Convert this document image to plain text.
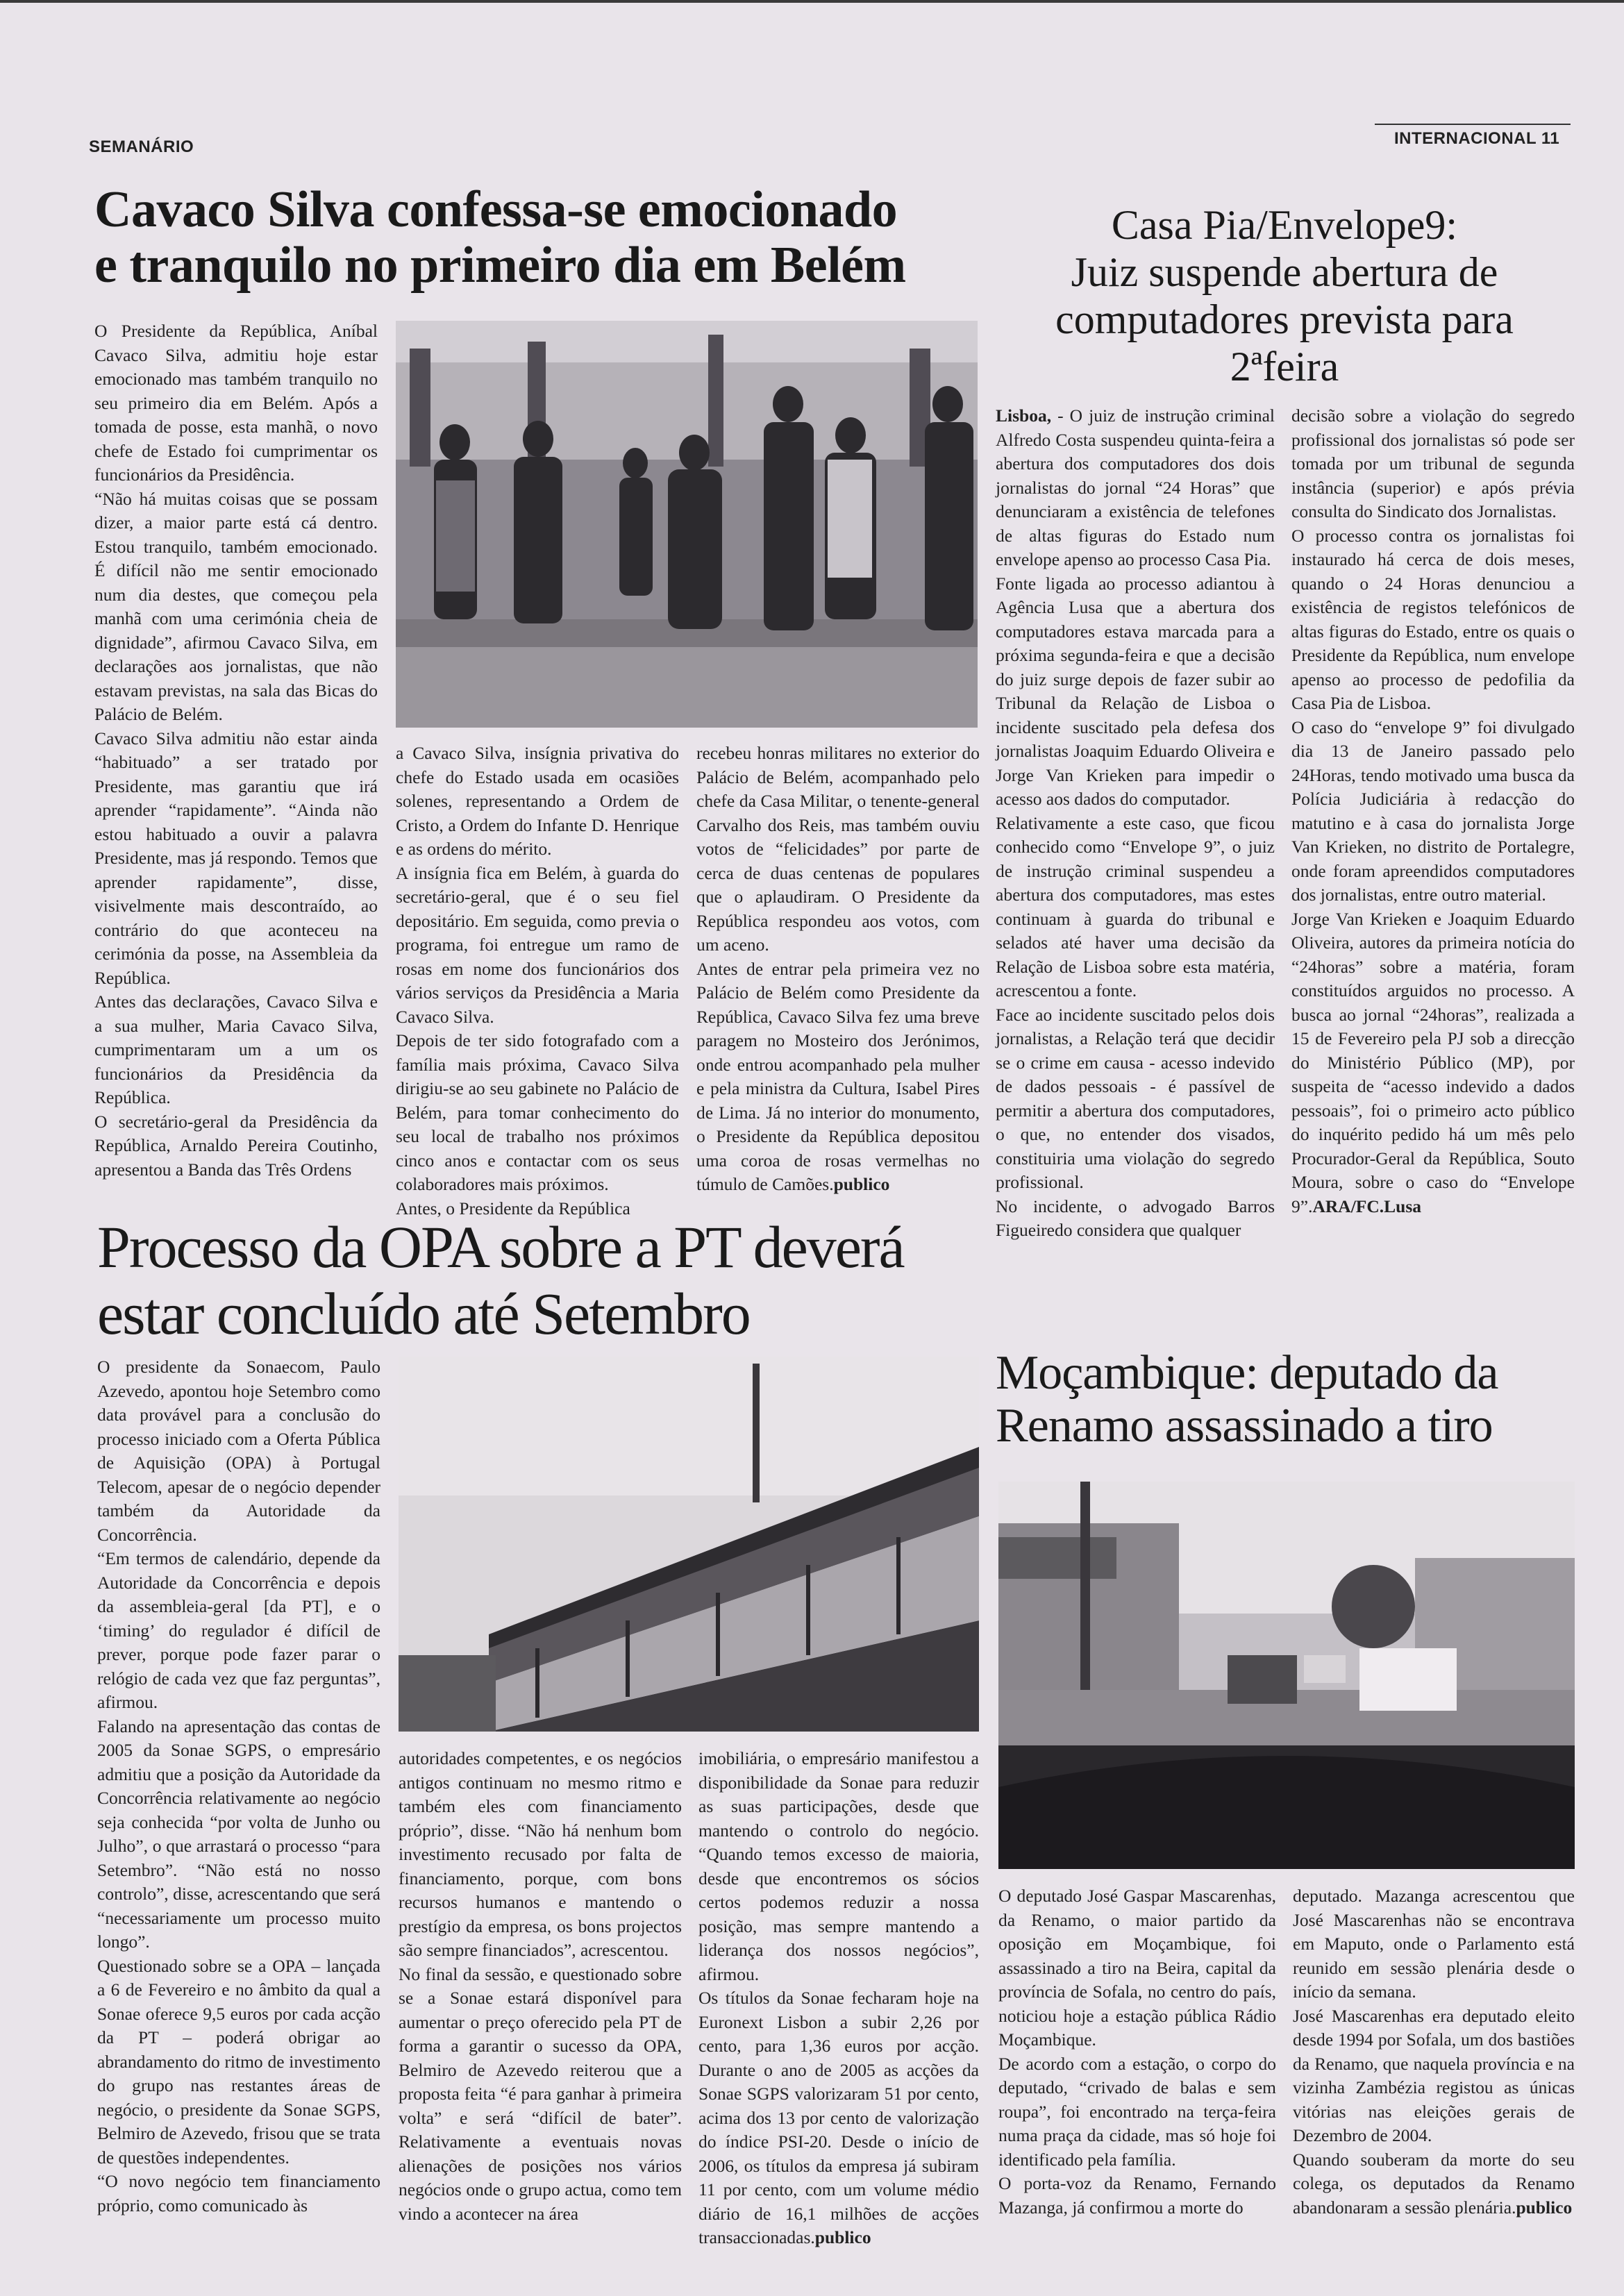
SEMANÁRIO	INTERNACIONAL 11
Cavaco Silva confessa-se emocionado
e tranquilo no primeiro dia em Belém

O Presidente da República, Aníbal Cavaco Silva, admitiu hoje estar emocionado mas também tranquilo no seu primeiro dia em Belém. Após a tomada de posse, esta manhã, o novo chefe de Estado foi cumprimentar os funcionários da Presidência.

“Não há muitas coisas que se possam dizer, a maior parte está cá dentro. Estou tranquilo, também emocionado. É difícil não me sentir emocionado num dia destes, que começou pela manhã com uma cerimónia cheia de dignidade”, afirmou Cavaco Silva, em declarações aos jornalistas, que não estavam previstas, na sala das Bicas do Palácio de Belém.

Cavaco Silva admitiu não estar ainda “habituado” a ser tratado por Presidente, mas garantiu que irá aprender “rapidamente”. “Ainda não estou habituado a ouvir a palavra Presidente, mas já respondo. Temos que aprender rapidamente”, disse, visivelmente mais descontraído, ao contrário do que aconteceu na cerimónia da posse, na Assembleia da República.

Antes das declarações, Cavaco Silva e a sua mulher, Maria Cavaco Silva, cumprimentaram um a um os funcionários da Presidência da República.

O secretário-geral da Presidência da República, Arnaldo Pereira Coutinho, apresentou a Banda das Três Ordens

a Cavaco Silva, insígnia privativa do chefe do Estado usada em ocasiões solenes, representando a Ordem de Cristo, a Ordem do Infante D. Henrique e as ordens do mérito.

A insígnia fica em Belém, à guarda do secretário-geral, que é o seu fiel depositário. Em seguida, como previa o programa, foi entregue um ramo de rosas em nome dos funcionários dos vários serviços da Presidência a Maria Cavaco Silva.

Depois de ter sido fotografado com a família mais próxima, Cavaco Silva dirigiu-se ao seu gabinete no Palácio de Belém, para tomar conhecimento do seu local de trabalho nos próximos cinco anos e contactar com os seus colaboradores mais próximos.

Antes, o Presidente da República

recebeu honras militares no exterior do Palácio de Belém, acompanhado pelo chefe da Casa Militar, o tenente-general Carvalho dos Reis, mas também ouviu votos de “felicidades” por parte de cerca de duas centenas de populares que o aplaudiram. O Presidente da República respondeu aos votos, com um aceno.

Antes de entrar pela primeira vez no Palácio de Belém como Presidente da República, Cavaco Silva fez uma breve paragem no Mosteiro dos Jerónimos, onde entrou acompanhado pela mulher e pela ministra da Cultura, Isabel Pires de Lima. Já no interior do monumento, o Presidente da República depositou uma coroa de rosas vermelhas no túmulo de Camões.publico

Casa Pia/Envelope9:
Juiz suspende abertura de
computadores prevista para
2ªfeira

Lisboa, - O juiz de instrução criminal Alfredo Costa suspendeu quinta-feira a abertura dos computadores dos dois jornalistas do jornal “24 Horas” que denunciaram a existência de telefones de altas figuras do Estado num envelope apenso ao processo Casa Pia.

Fonte ligada ao processo adiantou à Agência Lusa que a abertura dos computadores estava marcada para a próxima segunda-feira e que a decisão do juiz surge depois de fazer subir ao Tribunal da Relação de Lisboa o incidente suscitado pela defesa dos jornalistas Joaquim Eduardo Oliveira e Jorge Van Krieken para impedir o acesso aos dados do computador.

Relativamente a este caso, que ficou conhecido como “Envelope 9”, o juiz de instrução criminal suspendeu a abertura dos computadores, mas estes continuam à guarda do tribunal e selados até haver uma decisão da Relação de Lisboa sobre esta matéria, acrescentou a fonte.

Face ao incidente suscitado pelos dois jornalistas, a Relação terá que decidir se o crime em causa - acesso indevido de dados pessoais - é passível de permitir a abertura dos computadores, o que, no entender dos visados, constituiria uma violação do segredo profissional.

No incidente, o advogado Barros Figueiredo considera que qualquer

decisão sobre a violação do segredo profissional dos jornalistas só pode ser tomada por um tribunal de segunda instância (superior) e após prévia consulta do Sindicato dos Jornalistas.

O processo contra os jornalistas foi instaurado há cerca de dois meses, quando o 24 Horas denunciou a existência de registos telefónicos de altas figuras do Estado, entre os quais o Presidente da República, num envelope apenso ao processo de pedofilia da Casa Pia de Lisboa.

O caso do “envelope 9” foi divulgado dia 13 de Janeiro passado pelo 24Horas, tendo motivado uma busca da Polícia Judiciária à redacção do matutino e à casa do jornalista Jorge Van Krieken, no distrito de Portalegre, onde foram apreendidos computadores dos jornalistas, entre outro material.

Jorge Van Krieken e Joaquim Eduardo Oliveira, autores da primeira notícia do “24horas” sobre a matéria, foram constituídos arguidos no processo. A busca ao jornal “24horas”, realizada a 15 de Fevereiro pela PJ sob a direcção do Ministério Público (MP), por suspeita de “acesso indevido a dados pessoais”, foi o primeiro acto público do inquérito pedido há um mês pelo Procurador-Geral da República, Souto Moura, sobre o caso do “Envelope 9”.ARA/FC.Lusa

Processo da OPA sobre a PT deverá
estar concluído até Setembro

O presidente da Sonaecom, Paulo Azevedo, apontou hoje Setembro como data provável para a conclusão do processo iniciado com a Oferta Pública de Aquisição (OPA) à Portugal Telecom, apesar de o negócio depender também da Autoridade da Concorrência.

“Em termos de calendário, depende da Autoridade da Concorrência e depois da assembleia-geral [da PT], e o ‘timing’ do regulador é difícil de prever, porque pode fazer parar o relógio de cada vez que faz perguntas”, afirmou.

Falando na apresentação das contas de 2005 da Sonae SGPS, o empresário admitiu que a posição da Autoridade da Concorrência relativamente ao negócio seja conhecida “por volta de Junho ou Julho”, o que arrastará o processo “para Setembro”. “Não está no nosso controlo”, disse, acrescentando que será “necessariamente um processo muito longo”.

Questionado sobre se a OPA – lançada a 6 de Fevereiro e no âmbito da qual a Sonae oferece 9,5 euros por cada acção da PT – poderá obrigar ao abrandamento do ritmo de investimento do grupo nas restantes áreas de negócio, o presidente da Sonae SGPS, Belmiro de Azevedo, frisou que se trata de questões independentes.

“O novo negócio tem financiamento próprio, como comunicado às

autoridades competentes, e os negócios antigos continuam no mesmo ritmo e também eles com financiamento próprio”, disse. “Não há nenhum bom investimento recusado por falta de financiamento, porque, com bons recursos humanos e mantendo o prestígio da empresa, os bons projectos são sempre financiados”, acrescentou.

No final da sessão, e questionado sobre se a Sonae estará disponível para aumentar o preço oferecido pela PT de forma a garantir o sucesso da OPA, Belmiro de Azevedo reiterou que a proposta feita “é para ganhar à primeira volta” e será “difícil de bater”. Relativamente a eventuais novas alienações de posições nos vários negócios onde o grupo actua, como tem vindo a acontecer na área

imobiliária, o empresário manifestou a disponibilidade da Sonae para reduzir as suas participações, desde que mantendo o controlo do negócio. “Quando temos excesso de maioria, desde que encontremos os sócios certos podemos reduzir a nossa posição, mas sempre mantendo a liderança dos nossos negócios”, afirmou.

Os títulos da Sonae fecharam hoje na Euronext Lisbon a subir 2,26 por cento, para 1,36 euros por acção. Durante o ano de 2005 as acções da Sonae SGPS valorizaram 51 por cento, acima dos 13 por cento de valorização do índice PSI-20. Desde o início de 2006, os títulos da empresa já subiram 11 por cento, com um volume médio diário de 16,1 milhões de acções transaccionadas.publico

Moçambique: deputado da
Renamo assassinado a tiro

O deputado José Gaspar Mascarenhas, da Renamo, o maior partido da oposição em Moçambique, foi assassinado a tiro na Beira, capital da província de Sofala, no centro do país, noticiou hoje a estação pública Rádio Moçambique.

De acordo com a estação, o corpo do deputado, “crivado de balas e sem roupa”, foi encontrado na terça-feira numa praça da cidade, mas só hoje foi identificado pela família.

O porta-voz da Renamo, Fernando Mazanga, já confirmou a morte do

deputado. Mazanga acrescentou que José Mascarenhas não se encontrava em Maputo, onde o Parlamento está reunido em sessão plenária desde o início da semana.

José Mascarenhas era deputado eleito desde 1994 por Sofala, um dos bastiões da Renamo, que naquela província e na vizinha Zambézia registou as únicas vitórias nas eleições gerais de Dezembro de 2004.

Quando souberam da morte do seu colega, os deputados da Renamo abandonaram a sessão plenária.publico
